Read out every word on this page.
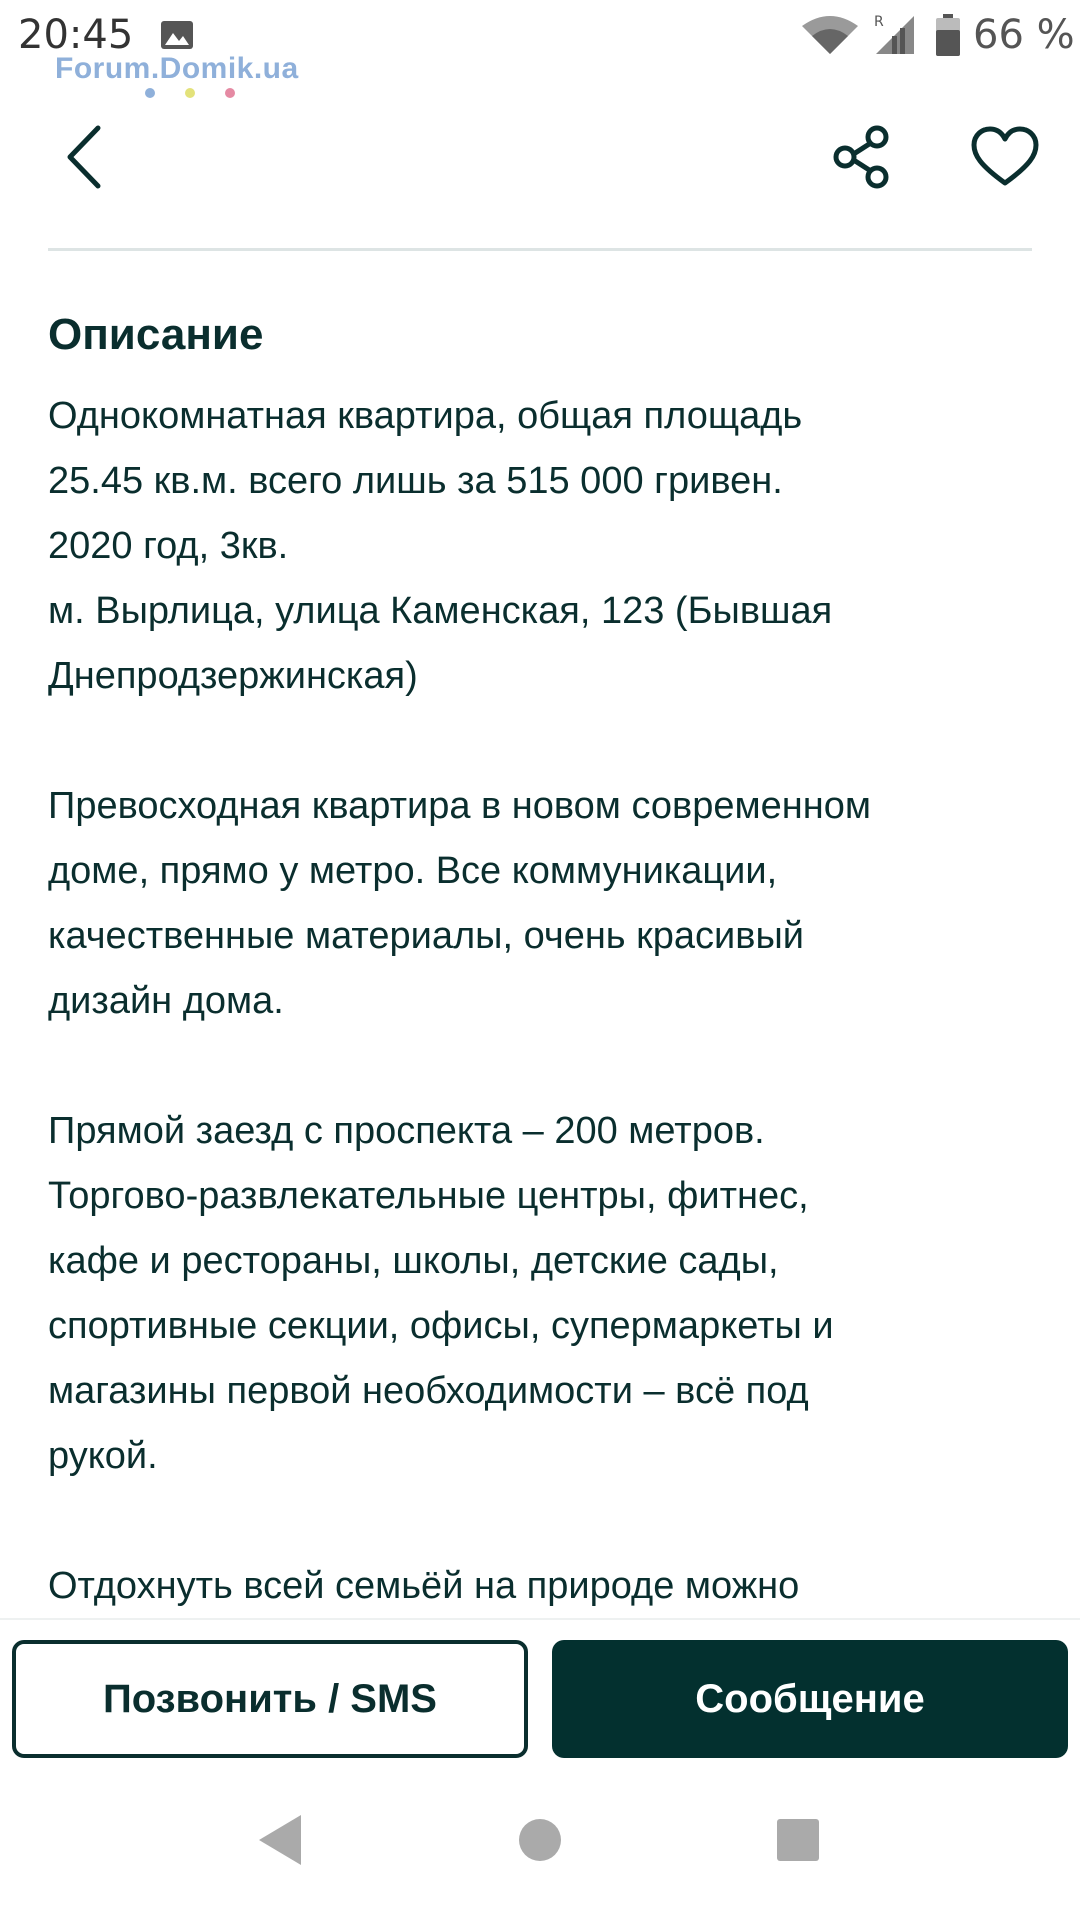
20:45
Forum.Domik.ua
R 66 %
Описание
Однокомнатная квартира, общая площадь
25.45 кв.м. всего лишь за 515 000 гривен.
2020 год, 3кв.
м. Вырлица, улица Каменская, 123 (Бывшая
Днепродзержинская)
Превосходная квартира в новом современном
доме, прямо у метро. Все коммуникации,
качественные материалы, очень красивый
дизайн дома.
Прямой заезд с проспекта – 200 метров.
Торгово-развлекательные центры, фитнес,
кафе и рестораны, школы, детские сады,
спортивные секции, офисы, супермаркеты и
магазины первой необходимости – всё под
рукой.
Отдохнуть всей семьёй на природе можно
Позвонить / SMS	Сообщение
